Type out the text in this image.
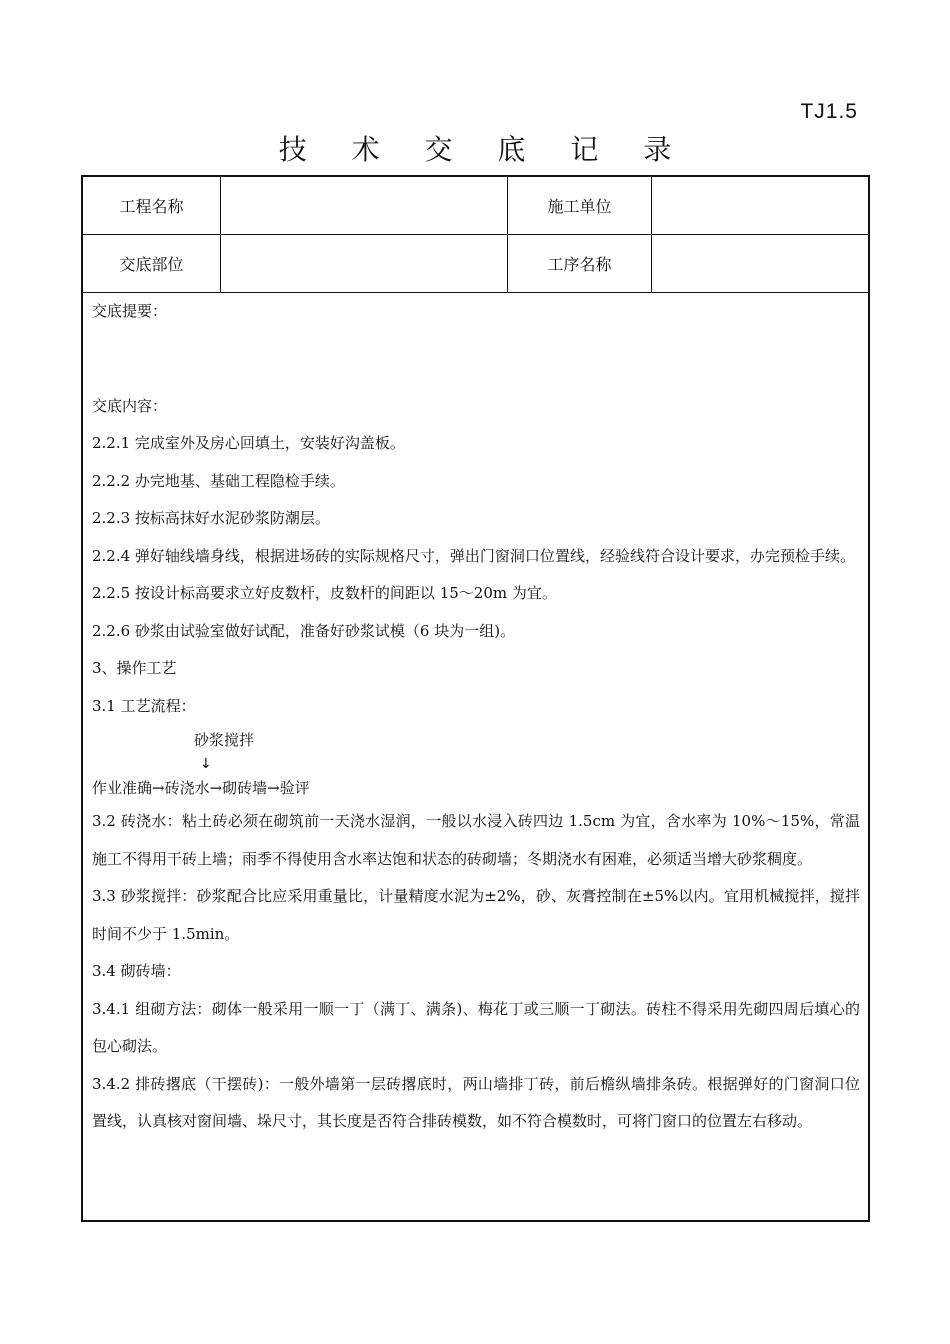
TJ1.5
技 术 交 底 记 录
工程名称	施工单位
交底部位	工序名称

交底提要：

交底内容：

2.2.1 完成室外及房心回填土，安装好沟盖板。

2.2.2 办完地基、基础工程隐检手续。

2.2.3 按标高抹好水泥砂浆防潮层。

2.2.4 弹好轴线墙身线，根据进场砖的实际规格尺寸，弹出门窗洞口位置线，经验线符合设计要求，办完预检手续。

2.2.5 按设计标高要求立好皮数杆，皮数杆的间距以 15～20m 为宜。

2.2.6 砂浆由试验室做好试配，准备好砂浆试模（6 块为一组)。

3、操作工艺

3.1 工艺流程：

砂浆搅拌

↓

作业准确→砖浇水→砌砖墙→验评

3.2 砖浇水：粘土砖必须在砌筑前一天浇水湿润，一般以水浸入砖四边 1.5cm 为宜，含水率为 10%～15%，常温施工不得用干砖上墙；雨季不得使用含水率达饱和状态的砖砌墙；冬期浇水有困难，必须适当增大砂浆稠度。

3.3 砂浆搅拌：砂浆配合比应采用重量比，计量精度水泥为±2%，砂、灰膏控制在±5%以内。宜用机械搅拌，搅拌时间不少于 1.5min。

3.4 砌砖墙：

3.4.1 组砌方法：砌体一般采用一顺一丁（满丁、满条)、梅花丁或三顺一丁砌法。砖柱不得采用先砌四周后填心的包心砌法。

3.4.2 排砖撂底（干摆砖)：一般外墙第一层砖撂底时，两山墙排丁砖，前后檐纵墙排条砖。根据弹好的门窗洞口位置线，认真核对窗间墙、垛尺寸，其长度是否符合排砖模数，如不符合模数时，可将门窗口的位置左右移动。
